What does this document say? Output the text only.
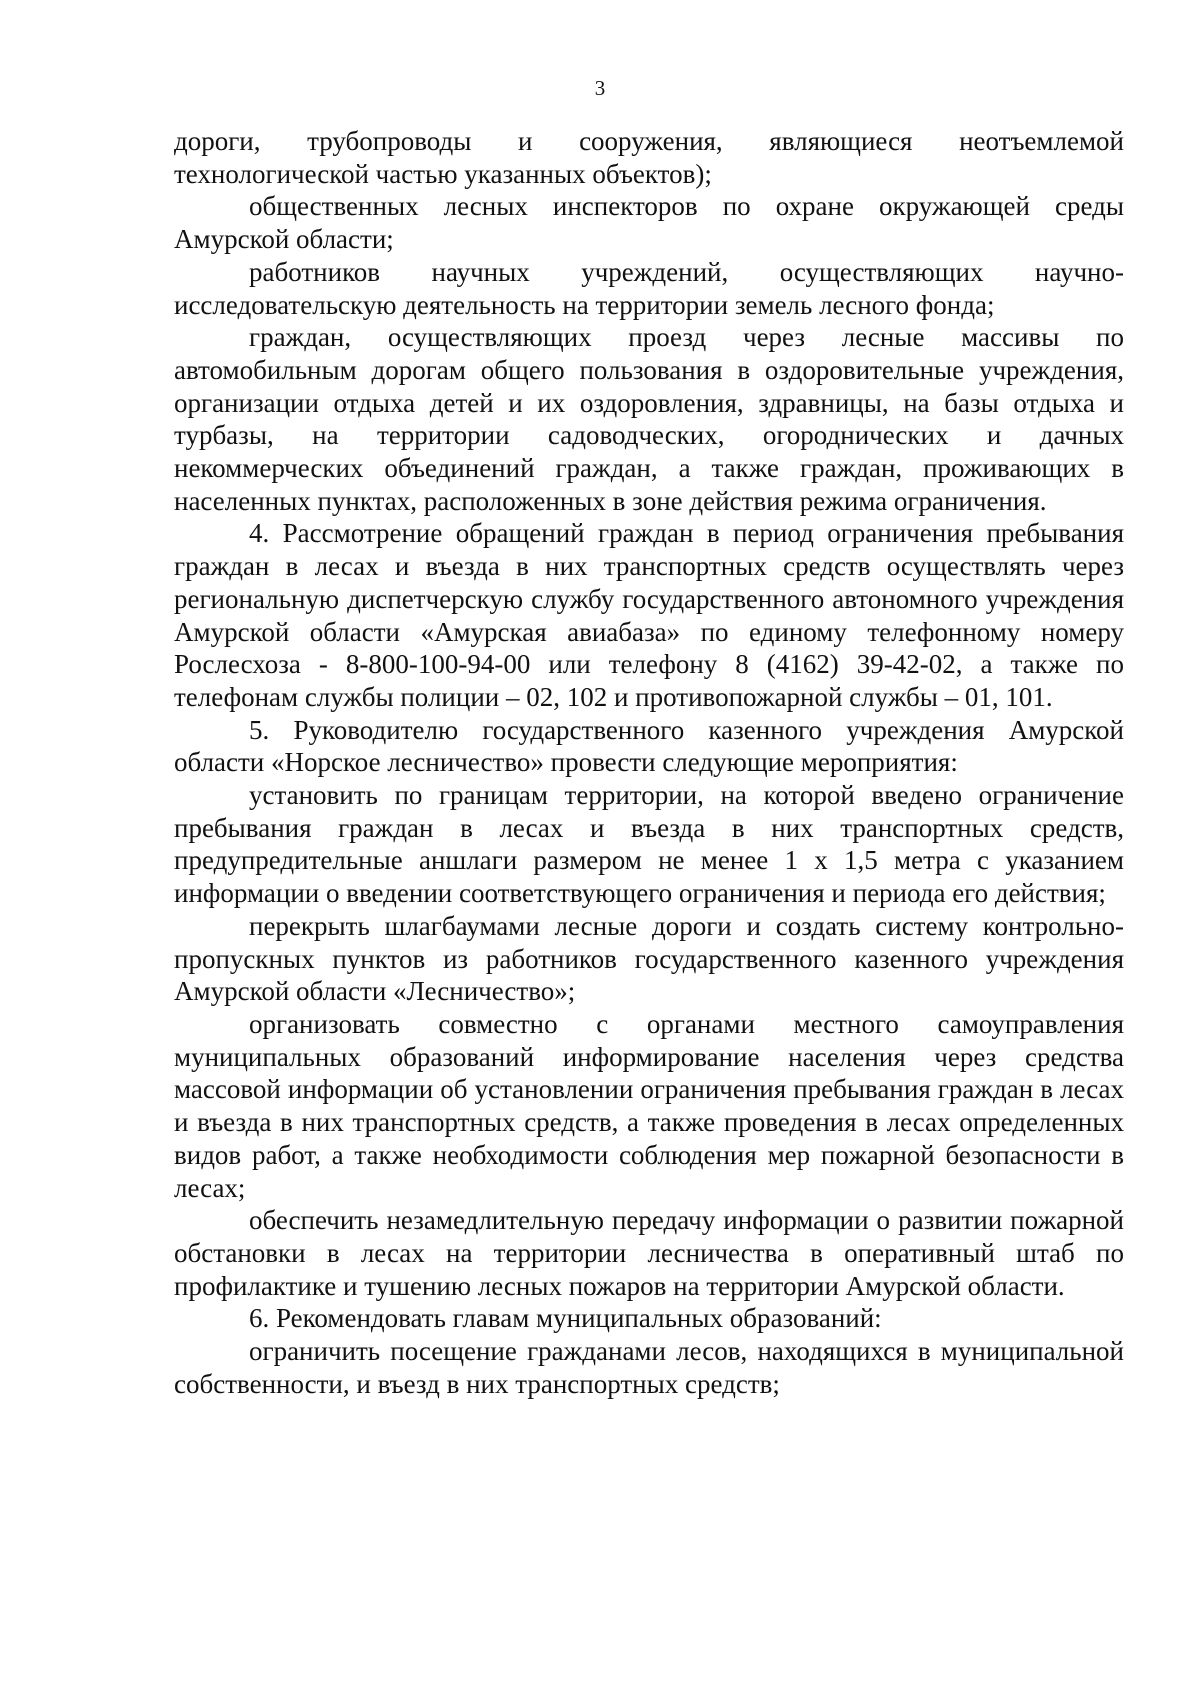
3

дороги, трубопроводы и сооружения, являющиеся неотъемлемой технологической частью указанных объектов);

общественных лесных инспекторов по охране окружающей среды Амурской области;

работников научных учреждений, осуществляющих научно-исследовательскую деятельность на территории земель лесного фонда;

граждан, осуществляющих проезд через лесные массивы по автомобильным дорогам общего пользования в оздоровительные учреждения, организации отдыха детей и их оздоровления, здравницы, на базы отдыха и турбазы, на территории садоводческих, огороднических и дачных некоммерческих объединений граждан, а также граждан, проживающих в населенных пунктах, расположенных в зоне действия режима ограничения.

4. Рассмотрение обращений граждан в период ограничения пребывания граждан в лесах и въезда в них транспортных средств осуществлять через региональную диспетчерскую службу государственного автономного учреждения Амурской области «Амурская авиабаза» по единому телефонному номеру Рослесхоза - 8-800-100-94-00 или телефону 8 (4162) 39-42-02, а также по телефонам службы полиции – 02, 102 и противопожарной службы – 01, 101.

5. Руководителю государственного казенного учреждения Амурской области «Норское лесничество» провести следующие мероприятия:

установить по границам территории, на которой введено ограничение пребывания граждан в лесах и въезда в них транспортных средств, предупредительные аншлаги размером не менее 1 х 1,5 метра с указанием информации о введении соответствующего ограничения и периода его действия;

перекрыть шлагбаумами лесные дороги и создать систему контрольно-пропускных пунктов из работников государственного казенного учреждения Амурской области «Лесничество»;

организовать совместно с органами местного самоуправления муниципальных образований информирование населения через средства массовой информации об установлении ограничения пребывания граждан в лесах и въезда в них транспортных средств, а также проведения в лесах определенных видов работ, а также необходимости соблюдения мер пожарной безопасности в лесах;

обеспечить незамедлительную передачу информации о развитии пожарной обстановки в лесах на территории лесничества в оперативный штаб по профилактике и тушению лесных пожаров на территории Амурской области.

6. Рекомендовать главам муниципальных образований:

ограничить посещение гражданами лесов, находящихся в муниципальной собственности, и въезд в них транспортных средств;
